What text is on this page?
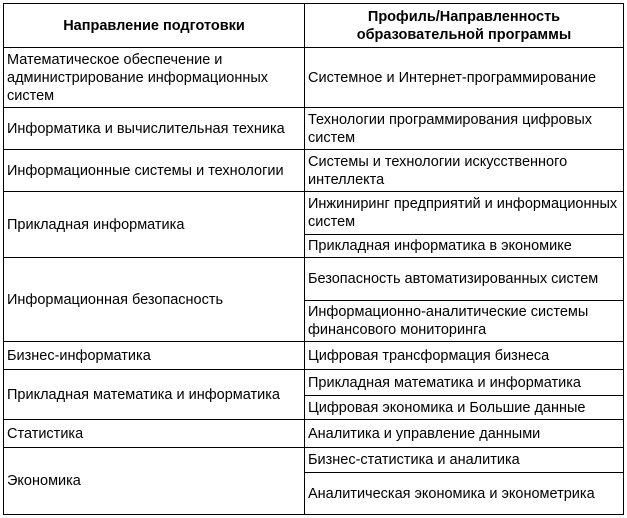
Направление подготовки	Профиль/Направленность образовательной программы
Математическое обеспечение и администрирование информационных систем	Системное и Интернет-программирование
Информатика и вычислительная техника	Технологии программирования цифровых систем
Информационные системы и технологии	Системы и технологии искусственного интеллекта
Прикладная информатика	Инжиниринг предприятий и информационных систем
	Прикладная информатика в экономике
Информационная безопасность	Безопасность автоматизированных систем
	Информационно-аналитические системы финансового мониторинга
Бизнес-информатика	Цифровая трансформация бизнеса
Прикладная математика и информатика	Прикладная математика и информатика
	Цифровая экономика и Большие данные
Статистика	Аналитика и управление данными
Экономика	Бизнес-статистика и аналитика
	Аналитическая экономика и эконометрика
